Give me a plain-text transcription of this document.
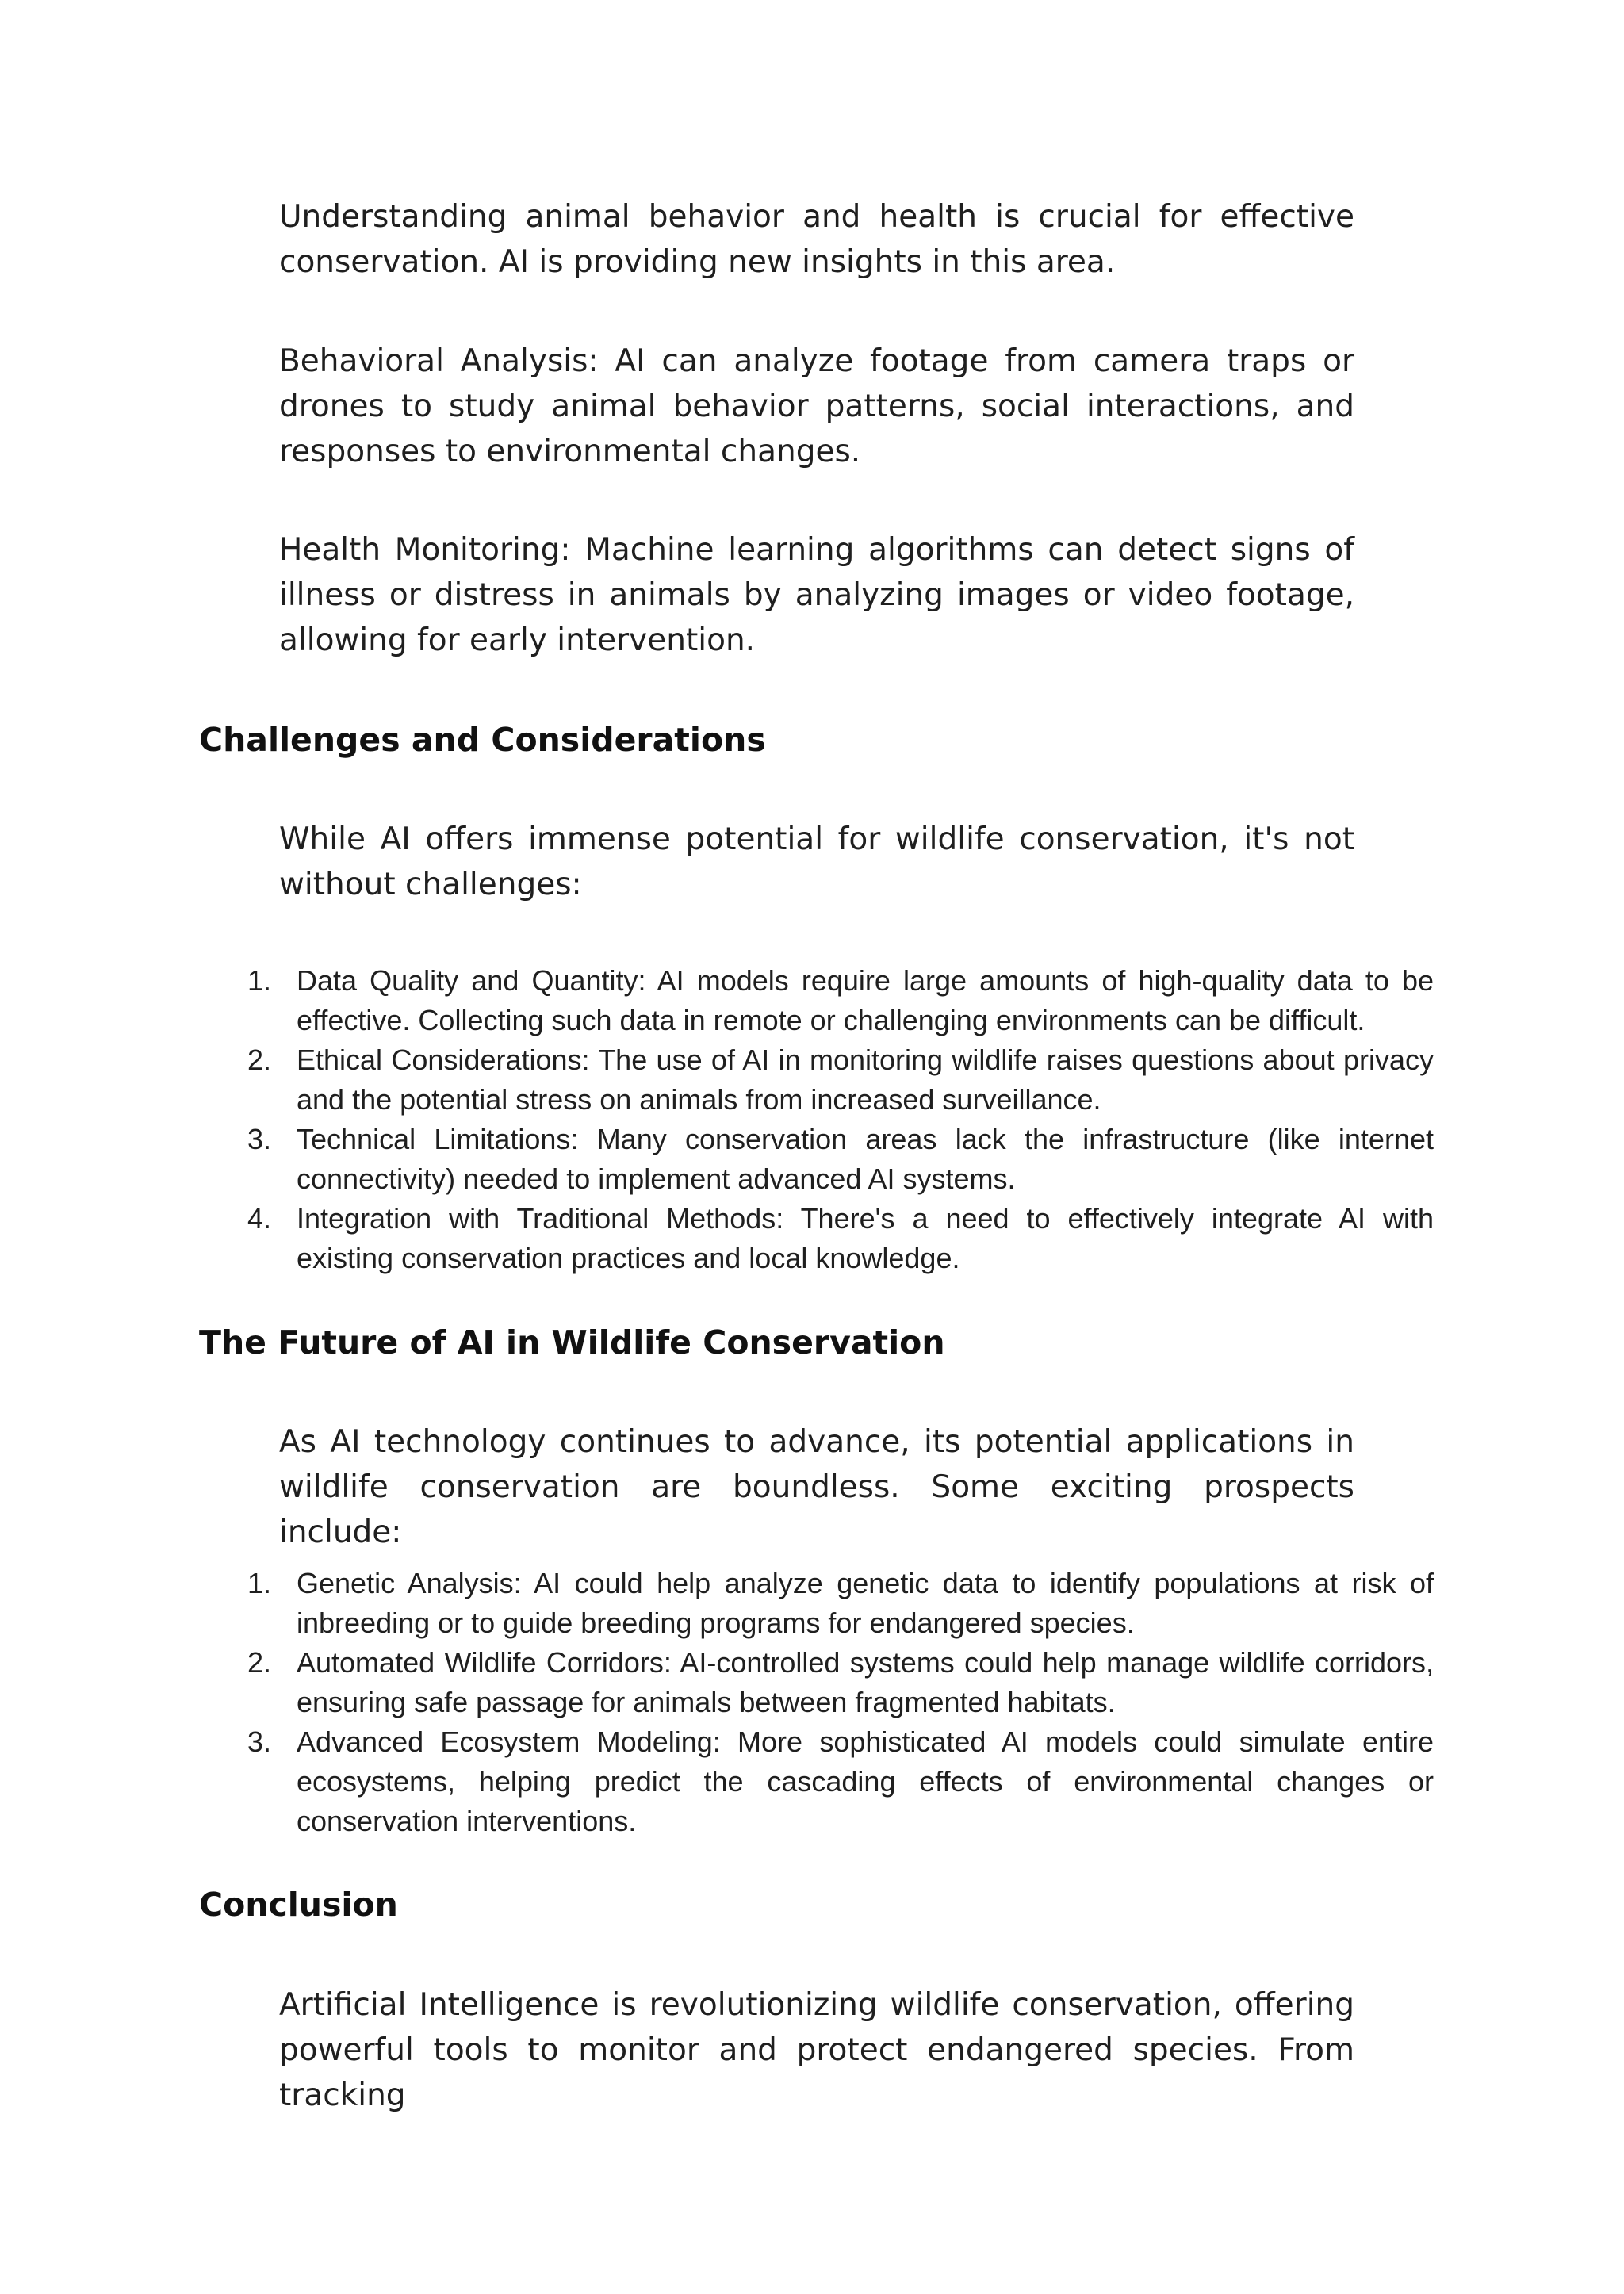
Understanding animal behavior and health is crucial for effective conservation. AI is providing new insights in this area.

Behavioral Analysis: AI can analyze footage from camera traps or drones to study animal behavior patterns, social interactions, and responses to environmental changes.

Health Monitoring: Machine learning algorithms can detect signs of illness or distress in animals by analyzing images or video footage, allowing for early intervention.

Challenges and Considerations

While AI offers immense potential for wildlife conservation, it's not without challenges:

1. Data Quality and Quantity: AI models require large amounts of high-quality data to be effective. Collecting such data in remote or challenging environments can be difficult.
2. Ethical Considerations: The use of AI in monitoring wildlife raises questions about privacy and the potential stress on animals from increased surveillance.
3. Technical Limitations: Many conservation areas lack the infrastructure (like internet connectivity) needed to implement advanced AI systems.
4. Integration with Traditional Methods: There's a need to effectively integrate AI with existing conservation practices and local knowledge.
The Future of AI in Wildlife Conservation

As AI technology continues to advance, its potential applications in wildlife conservation are boundless. Some exciting prospects include:

1. Genetic Analysis: AI could help analyze genetic data to identify populations at risk of inbreeding or to guide breeding programs for endangered species.
2. Automated Wildlife Corridors: AI-controlled systems could help manage wildlife corridors, ensuring safe passage for animals between fragmented habitats.
3. Advanced Ecosystem Modeling: More sophisticated AI models could simulate entire ecosystems, helping predict the cascading effects of environmental changes or conservation interventions.
Conclusion

Artificial Intelligence is revolutionizing wildlife conservation, offering powerful tools to monitor and protect endangered species. From tracking
